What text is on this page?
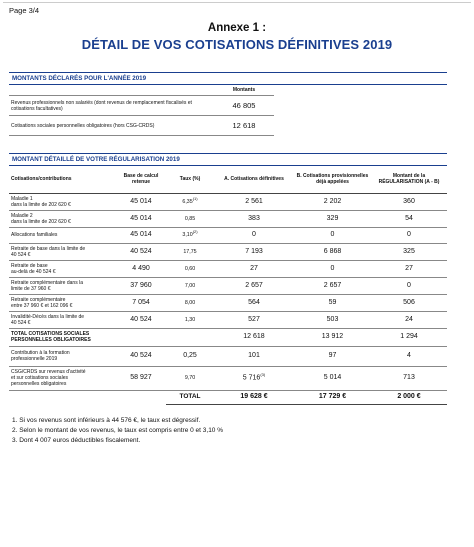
Page 3/4
Annexe 1 :
DÉTAIL DE VOS COTISATIONS DÉFINITIVES 2019
MONTANTS DÉCLARÉS POUR L'ANNÉE 2019
	Montants	
Revenus professionnels non salariés (dont revenus de remplacement fiscalisés et cotisations facultatives)	46 805	
Cotisations sociales personnelles obligatoires (hors CSG-CRDS)	12 618	
MONTANT DÉTAILLÉ DE VOTRE RÉGULARISATION 2019
Cotisations/contributions	Base de calcul retenue	Taux (%)	A. Cotisations définitives	B. Cotisations provisionnelles déjà appelées	Montant de la RÉGULARISATION (A - B)
Maladie 1
dans la limite de 202 620 €	45 014	6,35$^{(1)}$	2 561	2 202	360
Maladie 2
dans la limite de 202 620 €	45 014	0,85	383	329	54
Allocations familiales	45 014	3,10$^{(2)}$	0	0	0
Retraite de base dans la limite de
40 524 €	40 524	17,75	7 193	6 868	325
Retraite de base
au-delà de 40 524 €	4 490	0,60	27	0	27
Retraite complémentaire dans la
limite de 37 960 €	37 960	7,00	2 657	2 657	0
Retraite complémentaire
entre 37 960 € et 162 096 €	7 054	8,00	564	59	506
Invalidité-Décès dans la limite de
40 524 €	40 524	1,30	527	503	24
TOTAL COTISATIONS SOCIALES
PERSONNELLES OBLIGATOIRES			12 618	13 912	1 294
Contribution à la formation
professionnelle 2019	40 524	0,25	101	97	4
CSG/CRDS sur revenus d'activité
et sur cotisations sociales
personnelles obligatoires	58 927	9,70	5 716$^{(3)}$	5 014	713
		TOTAL	19 628 €	17 729 €	2 000 €
1. Si vos revenus sont inférieurs à 44 576 €, le taux est dégressif.
2. Selon le montant de vos revenus, le taux est compris entre 0 et 3,10 %
3. Dont 4 007 euros déductibles fiscalement.
